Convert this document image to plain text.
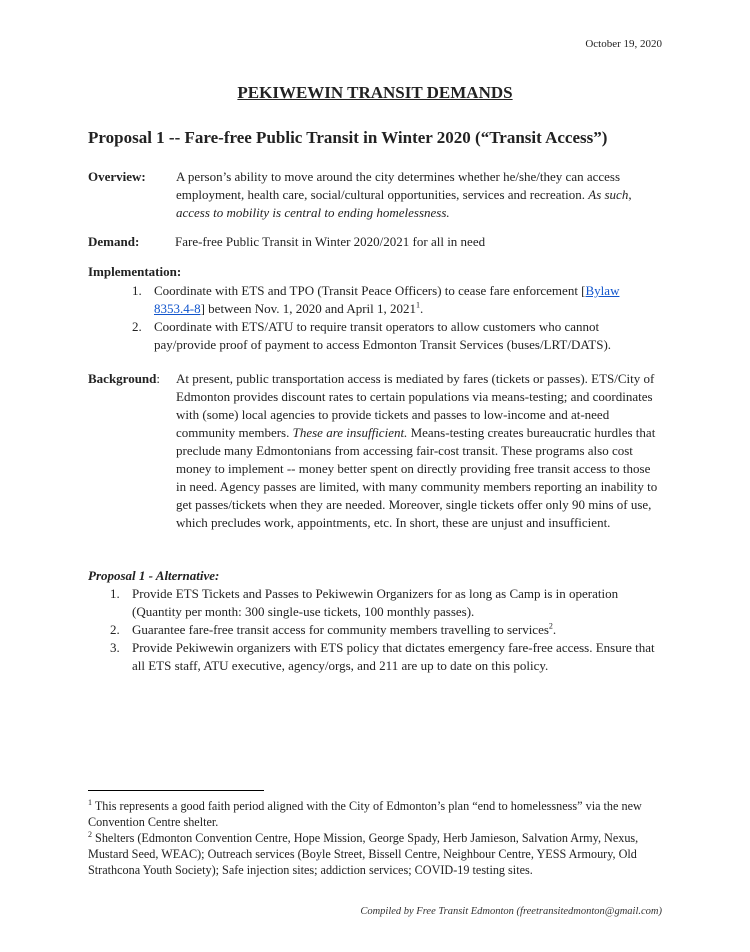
October 19, 2020
PEKIWEWIN TRANSIT DEMANDS
Proposal 1 -- Fare-free Public Transit in Winter 2020 (“Transit Access”)
Overview: A person’s ability to move around the city determines whether he/she/they can access employment, health care, social/cultural opportunities, services and recreation. As such, access to mobility is central to ending homelessness.
Demand:	Fare-free Public Transit in Winter 2020/2021 for all in need
Implementation:
1. Coordinate with ETS and TPO (Transit Peace Officers) to cease fare enforcement [Bylaw 8353.4-8] between Nov. 1, 2020 and April 1, 2021$^1$.
2. Coordinate with ETS/ATU to require transit operators to allow customers who cannot pay/provide proof of payment to access Edmonton Transit Services (buses/LRT/DATS).
Background: At present, public transportation access is mediated by fares (tickets or passes). ETS/City of Edmonton provides discount rates to certain populations via means-testing; and coordinates with (some) local agencies to provide tickets and passes to low-income and at-need community members. These are insufficient. Means-testing creates bureaucratic hurdles that preclude many Edmontonians from accessing fair-cost transit. These programs also cost money to implement -- money better spent on directly providing free transit access to those in need. Agency passes are limited, with many community members reporting an inability to get passes/tickets when they are needed. Moreover, single tickets offer only 90 mins of use, which precludes work, appointments, etc. In short, these are unjust and insufficient.
Proposal 1 - Alternative:
1. Provide ETS Tickets and Passes to Pekiwewin Organizers for as long as Camp is in operation (Quantity per month: 300 single-use tickets, 100 monthly passes).
2. Guarantee fare-free transit access for community members travelling to services$^2$.
3. Provide Pekiwewin organizers with ETS policy that dictates emergency fare-free access. Ensure that all ETS staff, ATU executive, agency/orgs, and 211 are up to date on this policy.
$^1$ This represents a good faith period aligned with the City of Edmonton’s plan “end to homelessness” via the new Convention Centre shelter.
$^2$ Shelters (Edmonton Convention Centre, Hope Mission, George Spady, Herb Jamieson, Salvation Army, Nexus, Mustard Seed, WEAC); Outreach services (Boyle Street, Bissell Centre, Neighbour Centre, YESS Armoury, Old Strathcona Youth Society); Safe injection sites; addiction services; COVID-19 testing sites.
Compiled by Free Transit Edmonton (freetransitedmonton@gmail.com)
